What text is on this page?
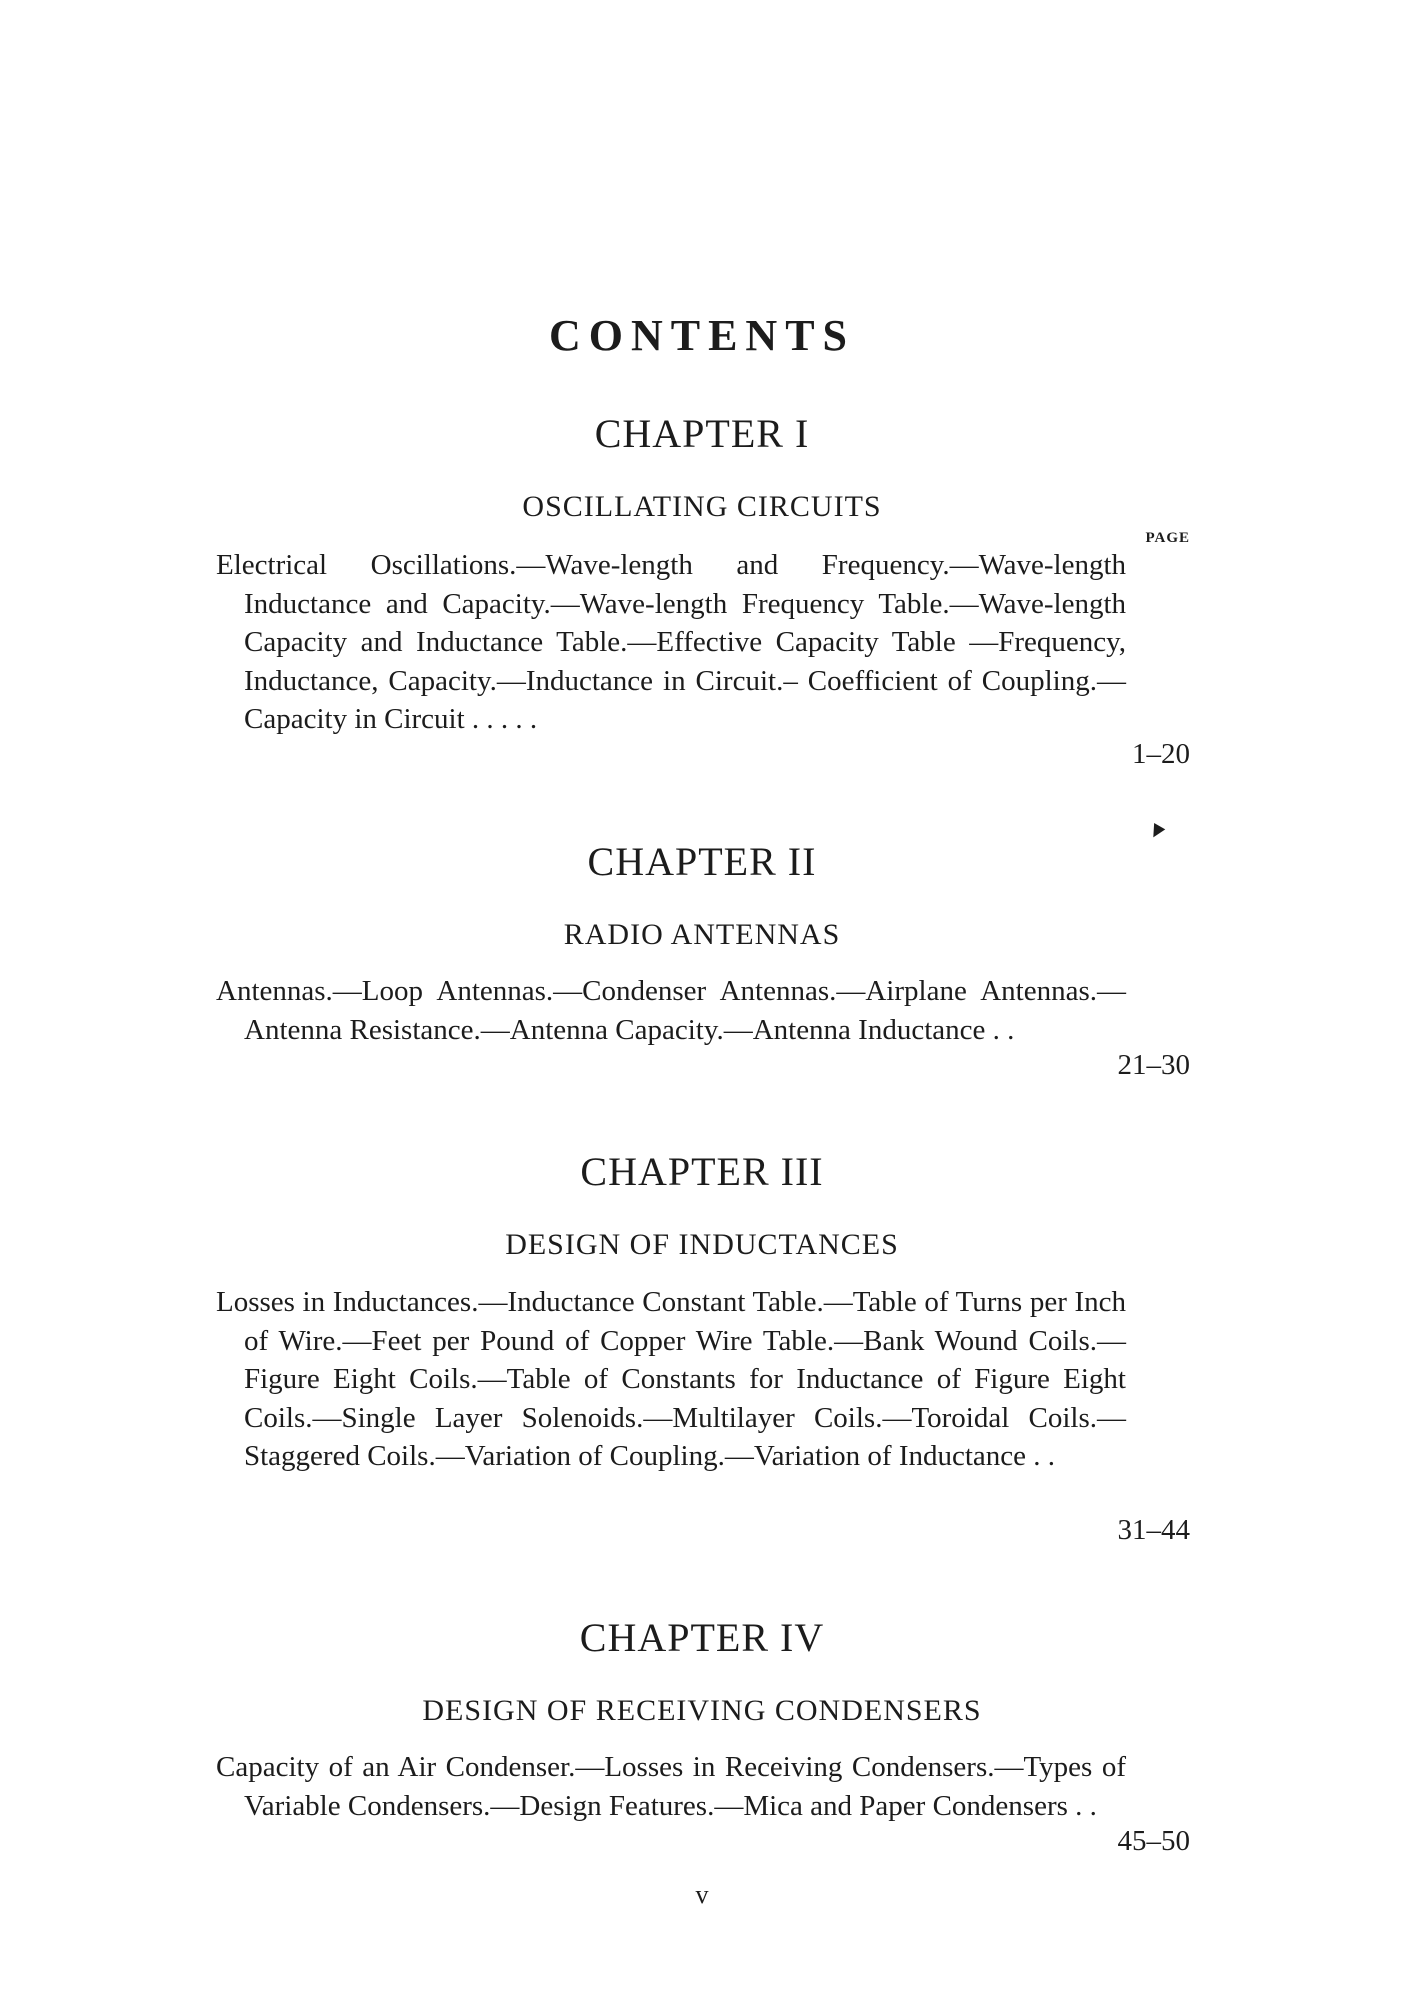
CONTENTS
CHAPTER I
OSCILLATING CIRCUITS
PAGE
Electrical Oscillations.—Wave-length and Frequency.—Wave-length Inductance and Capacity.—Wave-length Frequency Table.—Wave-length Capacity and Inductance Table.—Effective Capacity Table —Frequency, Inductance, Capacity.—Inductance in Circuit.– Coefficient of Coupling.—Capacity in Circuit . . . . .
1–20
▼
CHAPTER II
RADIO ANTENNAS
Antennas.—Loop Antennas.—Condenser Antennas.—Airplane Antennas.—Antenna Resistance.—Antenna Capacity.—Antenna Inductance . .
21–30
CHAPTER III
DESIGN OF INDUCTANCES
Losses in Inductances.—Inductance Constant Table.—Table of Turns per Inch of Wire.—Feet per Pound of Copper Wire Table.—Bank Wound Coils.—Figure Eight Coils.—Table of Constants for Inductance of Figure Eight Coils.—Single Layer Solenoids.—Multilayer Coils.—Toroidal Coils.—Staggered Coils.—Variation of Coupling.—Variation of Inductance . .
31–44
CHAPTER IV
DESIGN OF RECEIVING CONDENSERS
Capacity of an Air Condenser.—Losses in Receiving Condensers.—Types of Variable Condensers.—Design Features.—Mica and Paper Condensers . .
45–50
v
